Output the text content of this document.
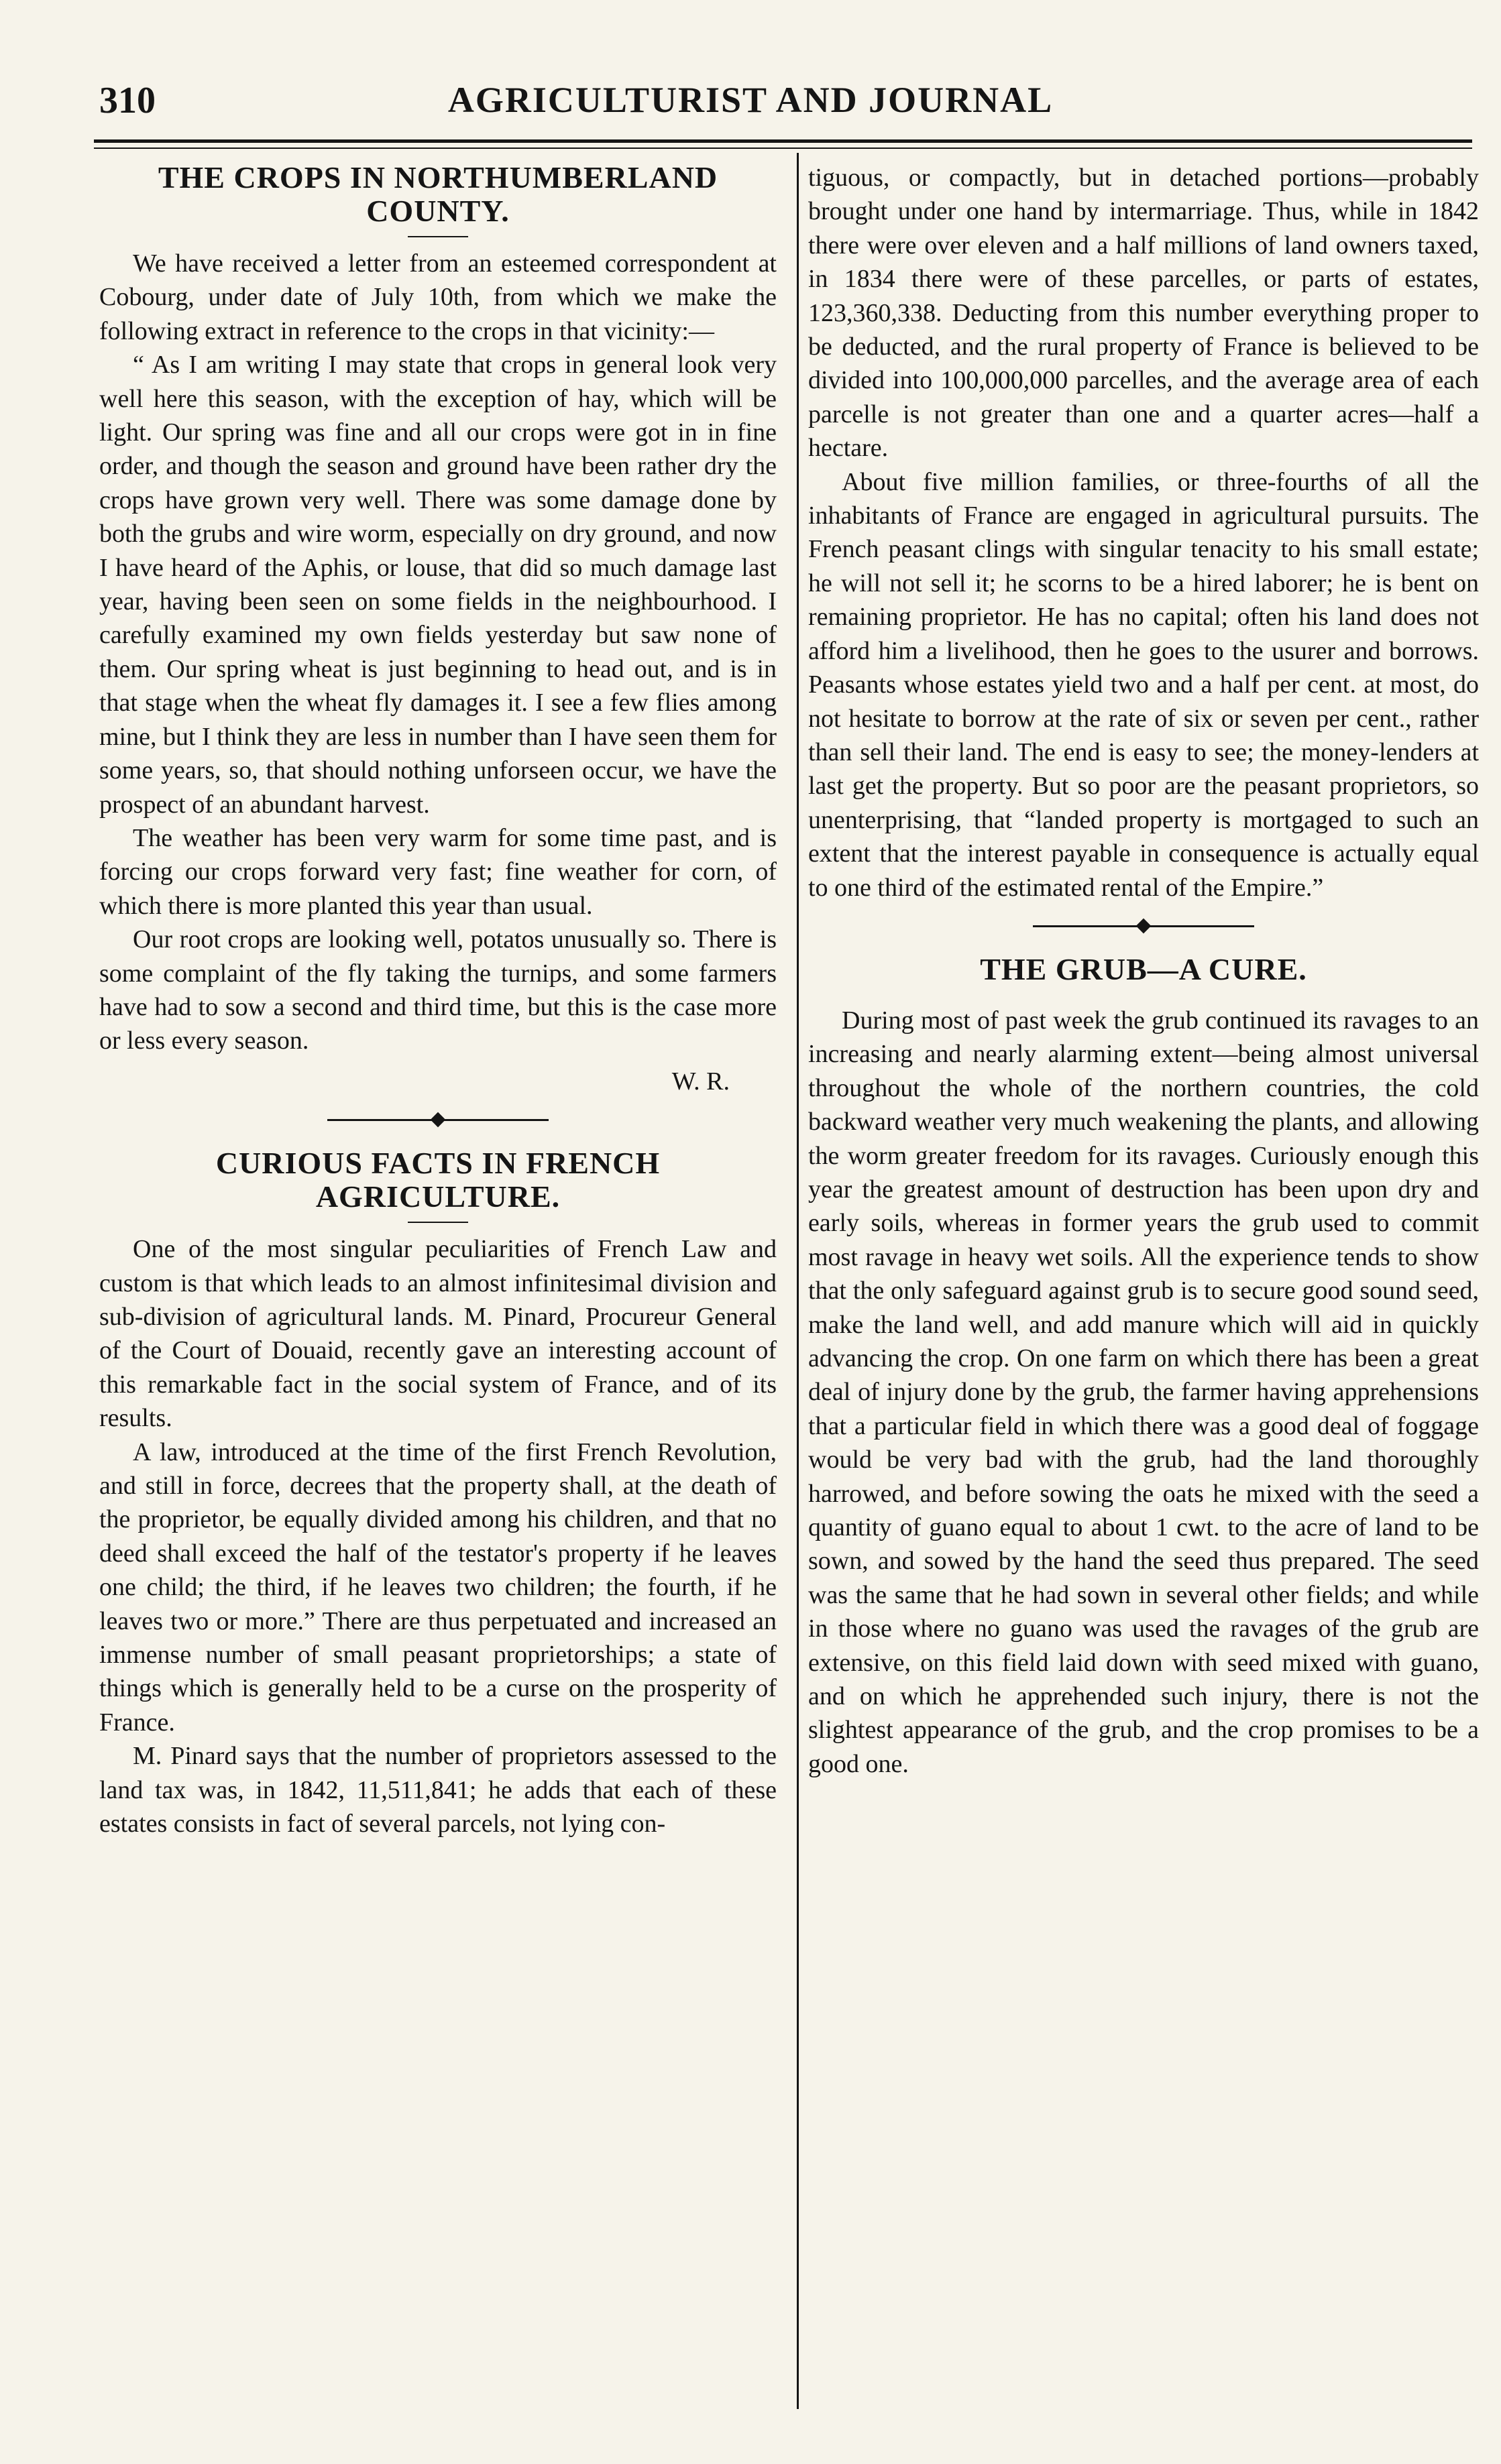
310	AGRICULTURIST AND JOURNAL
THE CROPS IN NORTHUMBERLAND COUNTY.

We have received a letter from an esteemed correspondent at Cobourg, under date of July 10th, from which we make the following extract in reference to the crops in that vicinity:—

“ As I am writing I may state that crops in general look very well here this season, with the exception of hay, which will be light. Our spring was fine and all our crops were got in in fine order, and though the season and ground have been rather dry the crops have grown very well. There was some damage done by both the grubs and wire worm, especially on dry ground, and now I have heard of the Aphis, or louse, that did so much damage last year, having been seen on some fields in the neighbourhood. I carefully examined my own fields yesterday but saw none of them. Our spring wheat is just beginning to head out, and is in that stage when the wheat fly damages it. I see a few flies among mine, but I think they are less in number than I have seen them for some years, so, that should nothing unforseen occur, we have the prospect of an abundant harvest.

The weather has been very warm for some time past, and is forcing our crops forward very fast; fine weather for corn, of which there is more planted this year than usual.

Our root crops are looking well, potatos unusually so. There is some complaint of the fly taking the turnips, and some farmers have had to sow a second and third time, but this is the case more or less every season.

W. R.
CURIOUS FACTS IN FRENCH AGRICULTURE.

One of the most singular peculiarities of French Law and custom is that which leads to an almost infinitesimal division and sub-division of agricultural lands. M. Pinard, Procureur General of the Court of Douaid, recently gave an interesting account of this remarkable fact in the social system of France, and of its results.

A law, introduced at the time of the first French Revolution, and still in force, decrees that the property shall, at the death of the proprietor, be equally divided among his children, and that no deed shall exceed the half of the testator's property if he leaves one child; the third, if he leaves two children; the fourth, if he leaves two or more.” There are thus perpetuated and increased an immense number of small peasant proprietorships; a state of things which is generally held to be a curse on the prosperity of France.

M. Pinard says that the number of proprietors assessed to the land tax was, in 1842, 11,511,841; he adds that each of these estates consists in fact of several parcels, not lying con-

tiguous, or compactly, but in detached portions—probably brought under one hand by intermarriage. Thus, while in 1842 there were over eleven and a half millions of land owners taxed, in 1834 there were of these parcelles, or parts of estates, 123,360,338. Deducting from this number everything proper to be deducted, and the rural property of France is believed to be divided into 100,000,000 parcelles, and the average area of each parcelle is not greater than one and a quarter acres—half a hectare.

About five million families, or three-fourths of all the inhabitants of France are engaged in agricultural pursuits. The French peasant clings with singular tenacity to his small estate; he will not sell it; he scorns to be a hired laborer; he is bent on remaining proprietor. He has no capital; often his land does not afford him a livelihood, then he goes to the usurer and borrows. Peasants whose estates yield two and a half per cent. at most, do not hesitate to borrow at the rate of six or seven per cent., rather than sell their land. The end is easy to see; the money-lenders at last get the property. But so poor are the peasant proprietors, so unenterprising, that “landed property is mortgaged to such an extent that the interest payable in consequence is actually equal to one third of the estimated rental of the Empire.”

THE GRUB—A CURE.

During most of past week the grub continued its ravages to an increasing and nearly alarming extent—being almost universal throughout the whole of the northern countries, the cold backward weather very much weakening the plants, and allowing the worm greater freedom for its ravages. Curiously enough this year the greatest amount of destruction has been upon dry and early soils, whereas in former years the grub used to commit most ravage in heavy wet soils. All the experience tends to show that the only safeguard against grub is to secure good sound seed, make the land well, and add manure which will aid in quickly advancing the crop. On one farm on which there has been a great deal of injury done by the grub, the farmer having apprehensions that a particular field in which there was a good deal of foggage would be very bad with the grub, had the land thoroughly harrowed, and before sowing the oats he mixed with the seed a quantity of guano equal to about 1 cwt. to the acre of land to be sown, and sowed by the hand the seed thus prepared. The seed was the same that he had sown in several other fields; and while in those where no guano was used the ravages of the grub are extensive, on this field laid down with seed mixed with guano, and on which he apprehended such injury, there is not the slightest appearance of the grub, and the crop promises to be a good one.
